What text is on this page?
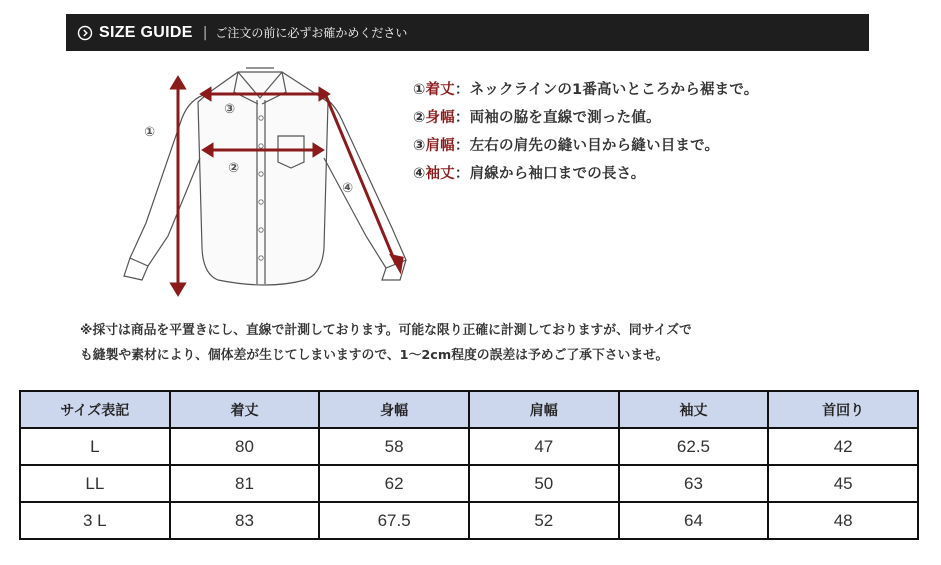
SIZE GUIDE | ご注文の前に必ずお確かめください
①
②
③
④
①着丈：ネックラインの1番高いところから裾まで。
②身幅：両袖の脇を直線で測った値。
③肩幅：左右の肩先の縫い目から縫い目まで。
④袖丈：肩線から袖口までの長さ。
※採寸は商品を平置きにし、直線で計測しております。可能な限り正確に計測しておりますが、同サイズで
も縫製や素材により、個体差が生じてしまいますので、1〜2cm程度の誤差は予めご了承下さいませ。
サイズ表記	着丈	身幅	肩幅	袖丈	首回り
L	80	58	47	62.5	42
LL	81	62	50	63	45
3 L	83	67.5	52	64	48
